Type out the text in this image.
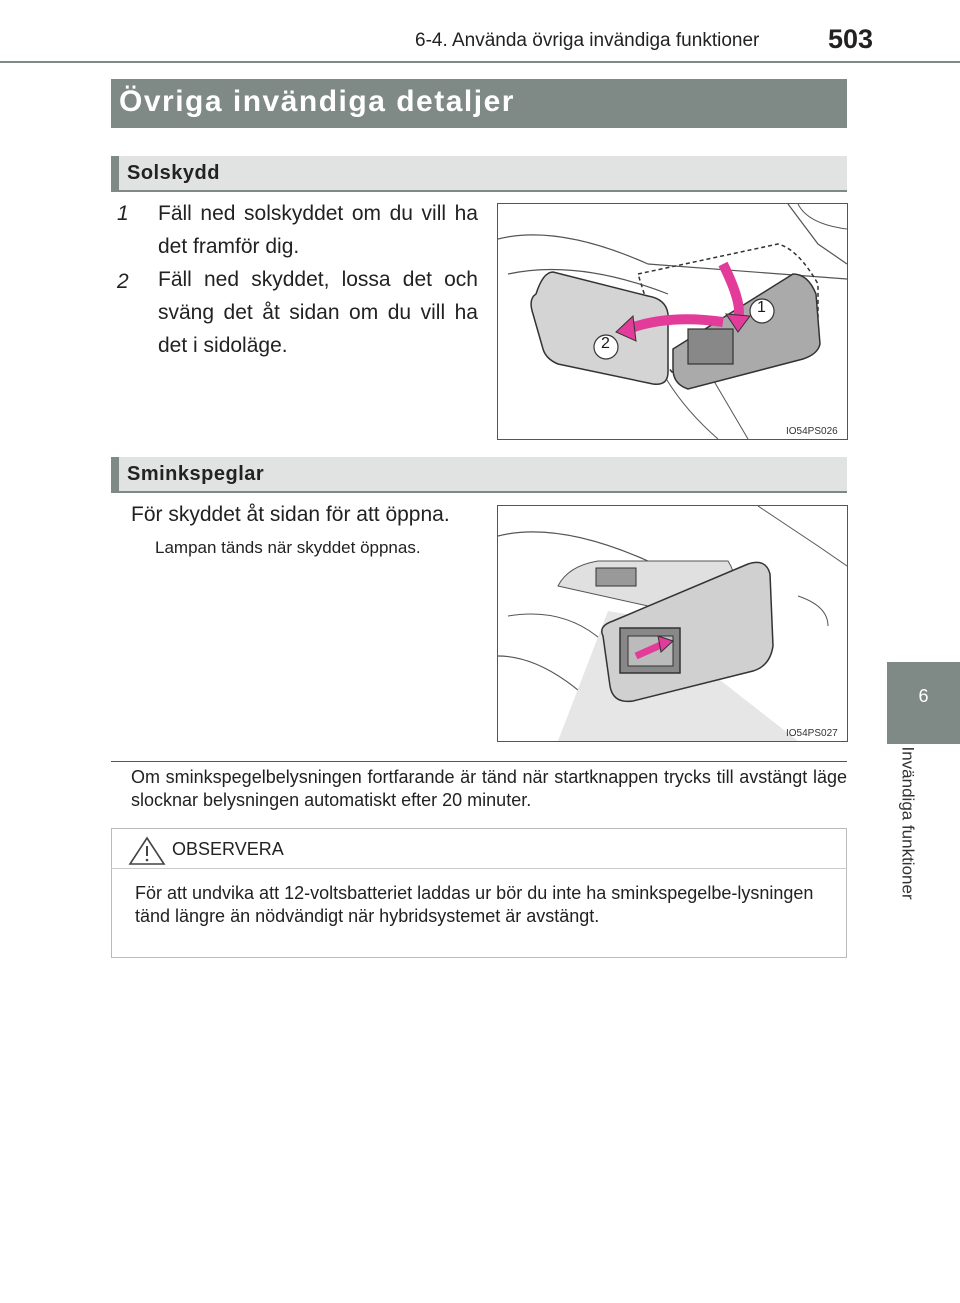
6-4. Använda övriga invändiga funktioner	503
Övriga invändiga detaljer
Solskydd
1 Fäll ned solskyddet om du vill ha det framför dig.
2 Fäll ned skyddet, lossa det och sväng det åt sidan om du vill ha det i sidoläge.
1
2
IO54PS026
Sminkspeglar
För skyddet åt sidan för att öppna.
Lampan tänds när skyddet öppnas.
IO54PS027
Om sminkspegelbelysningen fortfarande är tänd när startknappen trycks till avstängt läge slocknar belysningen automatiskt efter 20 minuter.
OBSERVERA
För att undvika att 12-voltsbatteriet laddas ur bör du inte ha sminkspegelbe-lysningen tänd längre än nödvändigt när hybridsystemet är avstängt.
6
Invändiga funktioner
